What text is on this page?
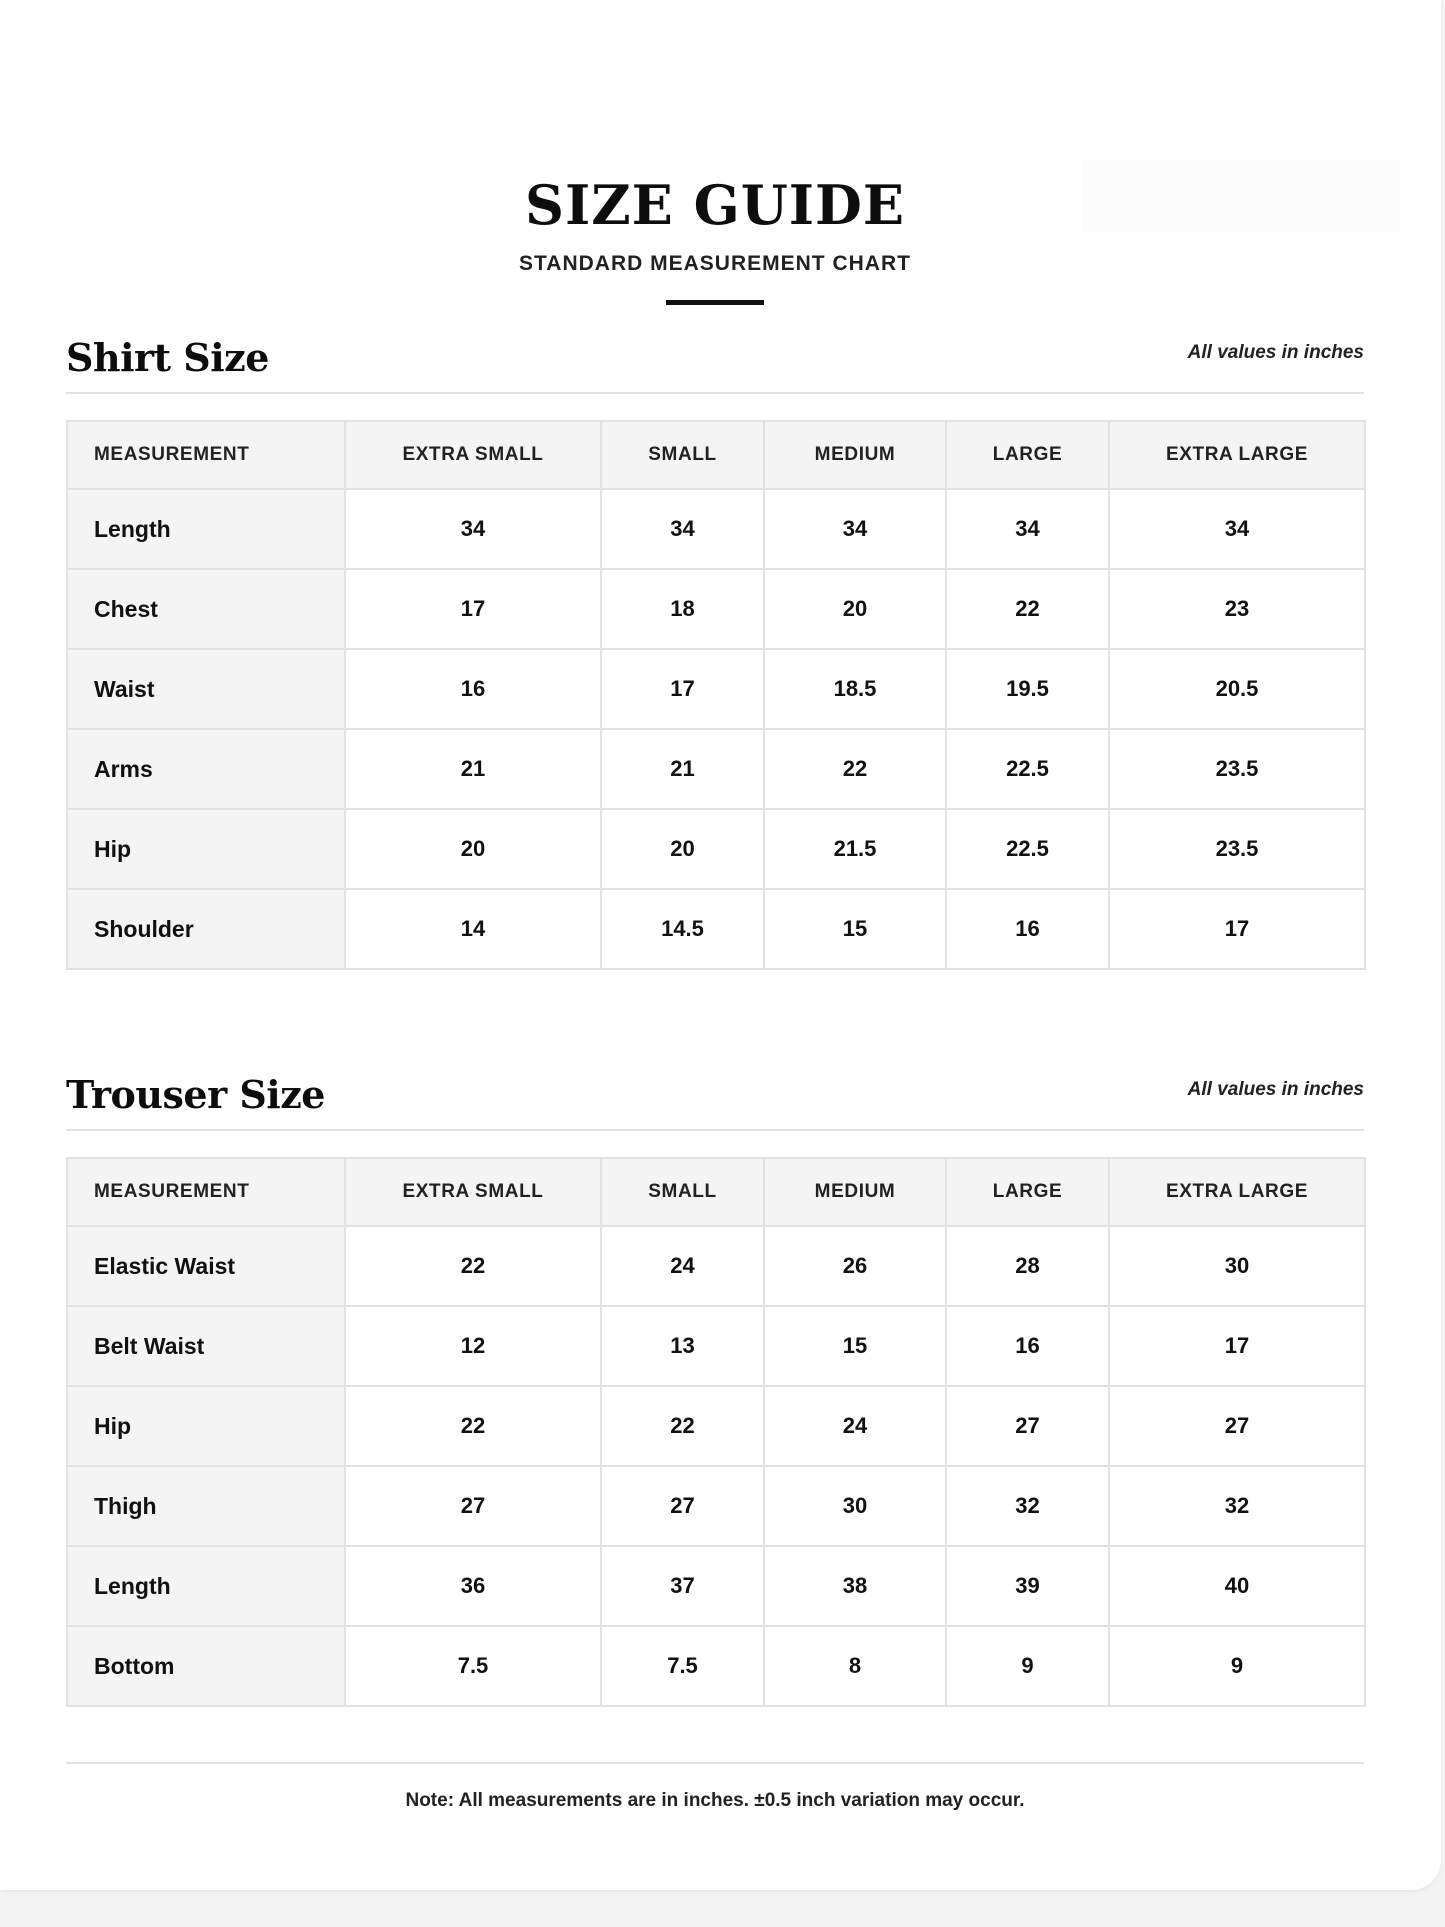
SIZE GUIDE
STANDARD MEASUREMENT CHART
Shirt Size	All values in inches
MEASUREMENT	EXTRA SMALL	SMALL	MEDIUM	LARGE	EXTRA LARGE
Length	34	34	34	34	34
Chest	17	18	20	22	23
Waist	16	17	18.5	19.5	20.5
Arms	21	21	22	22.5	23.5
Hip	20	20	21.5	22.5	23.5
Shoulder	14	14.5	15	16	17
Trouser Size	All values in inches
MEASUREMENT	EXTRA SMALL	SMALL	MEDIUM	LARGE	EXTRA LARGE
Elastic Waist	22	24	26	28	30
Belt Waist	12	13	15	16	17
Hip	22	22	24	27	27
Thigh	27	27	30	32	32
Length	36	37	38	39	40
Bottom	7.5	7.5	8	9	9
Note: All measurements are in inches. ±0.5 inch variation may occur.
